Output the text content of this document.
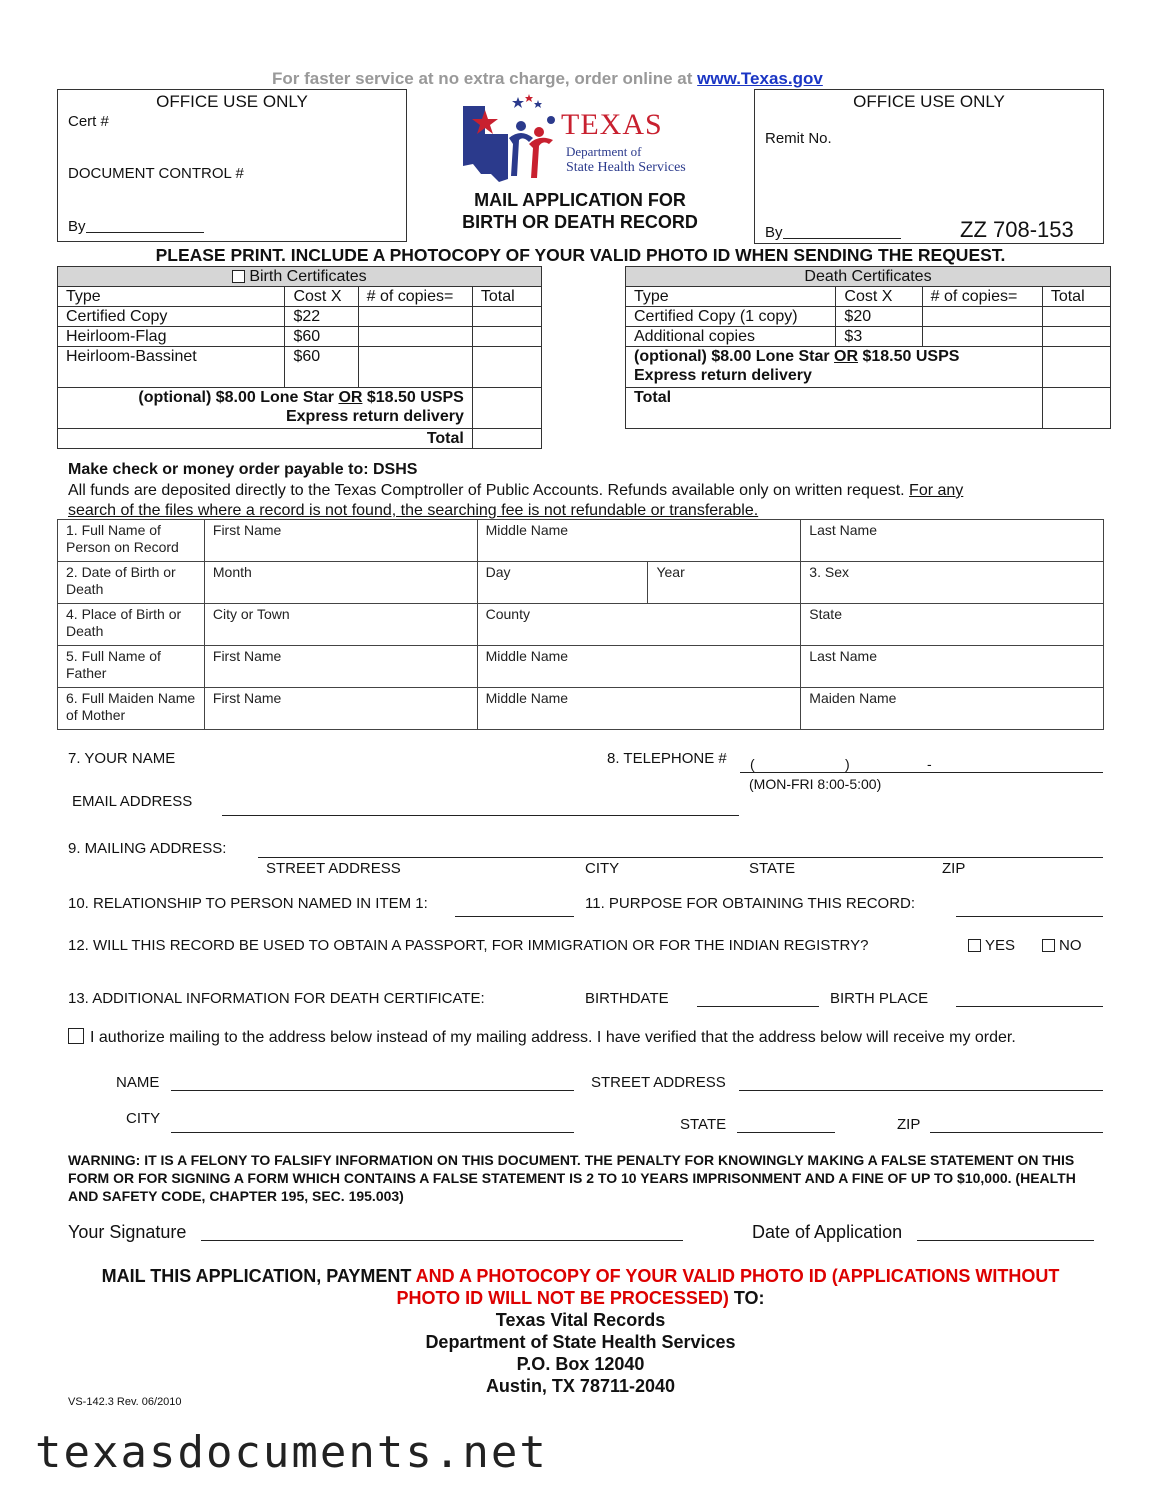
For faster service at no extra charge, order online at www.Texas.gov
OFFICE USE ONLY
Cert #
DOCUMENT CONTROL #
By
OFFICE USE ONLY
Remit No.
By	ZZ 708-153
TEXAS
Department of
State Health Services
MAIL APPLICATION FOR
BIRTH OR DEATH RECORD
PLEASE PRINT. INCLUDE A PHOTOCOPY OF YOUR VALID PHOTO ID WHEN SENDING THE REQUEST.
Birth Certificates			
Type	Cost X	# of copies=	Total
Certified Copy	$22		
Heirloom-Flag	$60		
Heirloom-Bassinet	$60		
(optional) $8.00 Lone Star OR $18.50 USPS
Express return delivery			
Total			
Death Certificates			
Type	Cost X	# of copies=	Total
Certified Copy (1 copy)	$20		
Additional copies	$3		
(optional) $8.00 Lone Star OR $18.50 USPS
Express return delivery			
Total			
Make check or money order payable to: DSHS
All funds are deposited directly to the Texas Comptroller of Public Accounts. Refunds available only on written request. For any
search of the files where a record is not found, the searching fee is not refundable or transferable.
1. Full Name of Person on Record	First Name	Middle Name		Last Name
2. Date of Birth or Death	Month	Day	Year	3. Sex
4. Place of Birth or Death	City or Town	County		State
5. Full Name of Father	First Name	Middle Name		Last Name
6. Full Maiden Name of Mother	First Name	Middle Name		Maiden Name
7. YOUR NAME	8. TELEPHONE # (	)	-
(MON-FRI 8:00-5:00)
EMAIL ADDRESS
9. MAILING ADDRESS:
STREET ADDRESS	CITY	STATE	ZIP
10. RELATIONSHIP TO PERSON NAMED IN ITEM 1:	11. PURPOSE FOR OBTAINING THIS RECORD:
12. WILL THIS RECORD BE USED TO OBTAIN A PASSPORT, FOR IMMIGRATION OR FOR THE INDIAN REGISTRY?	YES	NO
13. ADDITIONAL INFORMATION FOR DEATH CERTIFICATE:	BIRTHDATE	BIRTH PLACE
I authorize mailing to the address below instead of my mailing address. I have verified that the address below will receive my order.
NAME	STREET ADDRESS
CITY	STATE	ZIP
WARNING: IT IS A FELONY TO FALSIFY INFORMATION ON THIS DOCUMENT. THE PENALTY FOR KNOWINGLY MAKING A FALSE STATEMENT ON THIS FORM OR FOR SIGNING A FORM WHICH CONTAINS A FALSE STATEMENT IS 2 TO 10 YEARS IMPRISONMENT AND A FINE OF UP TO $10,000. (HEALTH AND SAFETY CODE, CHAPTER 195, SEC. 195.003)
Your Signature	Date of Application
MAIL THIS APPLICATION, PAYMENT AND A PHOTOCOPY OF YOUR VALID PHOTO ID (APPLICATIONS WITHOUT
PHOTO ID WILL NOT BE PROCESSED) TO:
Texas Vital Records
Department of State Health Services
P.O. Box 12040
Austin, TX 78711-2040
VS-142.3 Rev. 06/2010
texasdocuments.net
